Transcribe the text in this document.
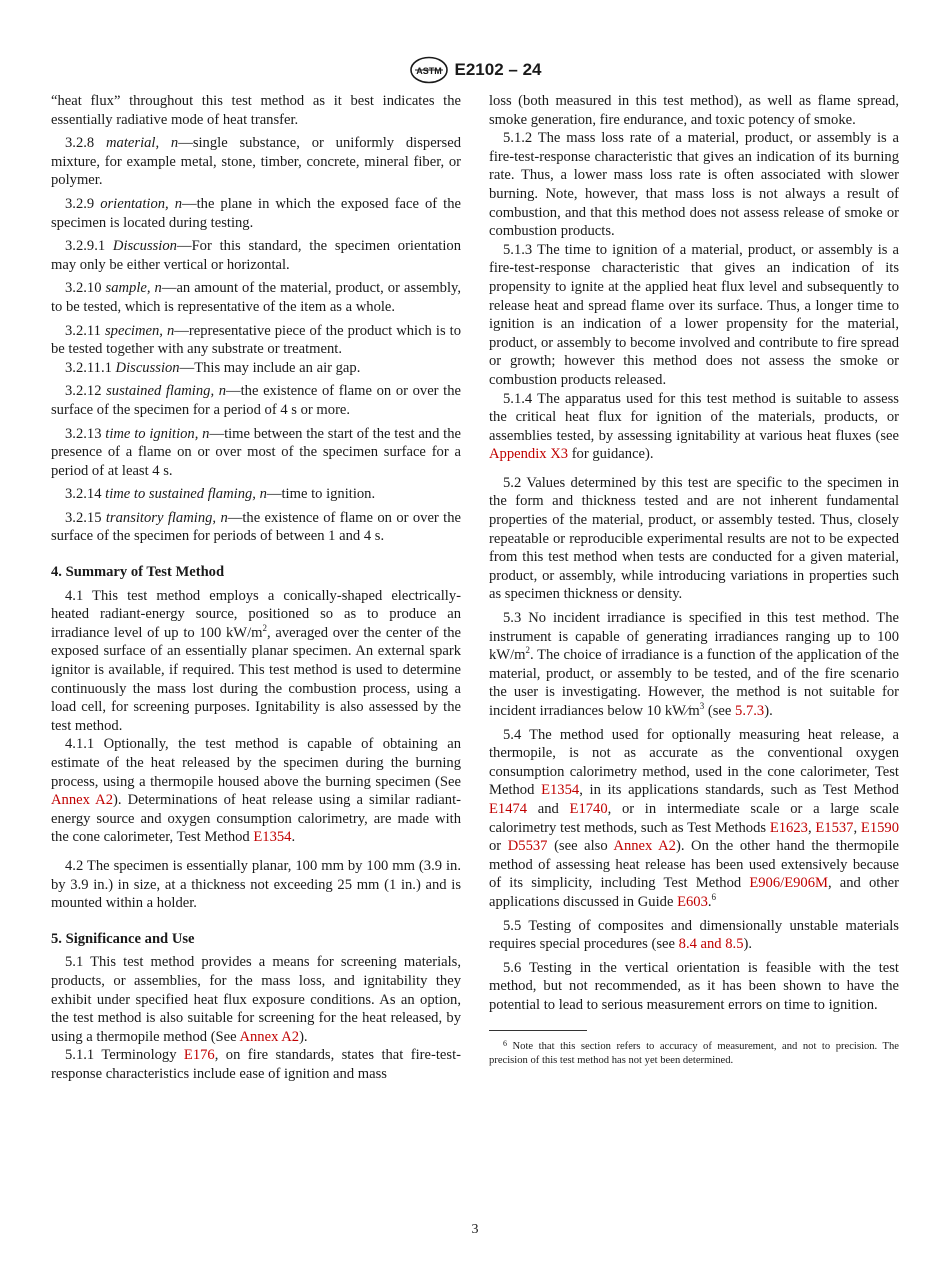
ASTM E2102 – 24

“heat flux” throughout this test method as it best indicates the essentially radiative mode of heat transfer.

3.2.8 material, n—single substance, or uniformly dispersed mixture, for example metal, stone, timber, concrete, mineral fiber, or polymer.

3.2.9 orientation, n—the plane in which the exposed face of the specimen is located during testing.

3.2.9.1 Discussion—For this standard, the specimen orientation may only be either vertical or horizontal.

3.2.10 sample, n—an amount of the material, product, or assembly, to be tested, which is representative of the item as a whole.

3.2.11 specimen, n—representative piece of the product which is to be tested together with any substrate or treatment.

3.2.11.1 Discussion—This may include an air gap.

3.2.12 sustained flaming, n—the existence of flame on or over the surface of the specimen for a period of 4 s or more.

3.2.13 time to ignition, n—time between the start of the test and the presence of a flame on or over most of the specimen surface for a period of at least 4 s.

3.2.14 time to sustained flaming, n—time to ignition.

3.2.15 transitory flaming, n—the existence of flame on or over the surface of the specimen for periods of between 1 and 4 s.

4. Summary of Test Method

4.1 This test method employs a conically-shaped electrically-heated radiant-energy source, positioned so as to produce an irradiance level of up to 100 $kW/m^2$, averaged over the center of the exposed surface of an essentially planar specimen. An external spark ignitor is available, if required. This test method is used to determine continuously the mass lost during the combustion process, using a load cell, for screening purposes. Ignitability is also assessed by the test method.

4.1.1 Optionally, the test method is capable of obtaining an estimate of the heat released by the specimen during the burning process, using a thermopile housed above the burning specimen (See Annex A2). Determinations of heat release using a similar radiant-energy source and oxygen consumption calorimetry, are made with the cone calorimeter, Test Method E1354.

4.2 The specimen is essentially planar, 100 mm by 100 mm (3.9 in. by 3.9 in.) in size, at a thickness not exceeding 25 mm (1 in.) and is mounted within a holder.

5. Significance and Use

5.1 This test method provides a means for screening materials, products, or assemblies, for the mass loss, and ignitability they exhibit under specified heat flux exposure conditions. As an option, the test method is also suitable for screening for the heat released, by using a thermopile method (See Annex A2).

5.1.1 Terminology E176, on fire standards, states that fire-test-response characteristics include ease of ignition and mass

loss (both measured in this test method), as well as flame spread, smoke generation, fire endurance, and toxic potency of smoke.

5.1.2 The mass loss rate of a material, product, or assembly is a fire-test-response characteristic that gives an indication of its burning rate. Thus, a lower mass loss rate is often associated with slower burning. Note, however, that mass loss is not always a result of combustion, and that this method does not assess release of smoke or combustion products.

5.1.3 The time to ignition of a material, product, or assembly is a fire-test-response characteristic that gives an indication of its propensity to ignite at the applied heat flux level and subsequently to release heat and spread flame over its surface. Thus, a longer time to ignition is an indication of a lower propensity for the material, product, or assembly to become involved and contribute to fire spread or growth; however this method does not assess the smoke or combustion products released.

5.1.4 The apparatus used for this test method is suitable to assess the critical heat flux for ignition of the materials, products, or assemblies tested, by assessing ignitability at various heat fluxes (see Appendix X3 for guidance).

5.2 Values determined by this test are specific to the specimen in the form and thickness tested and are not inherent fundamental properties of the material, product, or assembly tested. Thus, closely repeatable or reproducible experimental results are not to be expected from this test method when tests are conducted for a given material, product, or assembly, while introducing variations in properties such as specimen thickness or density.

5.3 No incident irradiance is specified in this test method. The instrument is capable of generating irradiances ranging up to 100 $kW/m^2$. The choice of irradiance is a function of the application of the material, product, or assembly to be tested, and of the fire scenario the user is investigating. However, the method is not suitable for incident irradiances below 10 $kW⁄m^3$ (see 5.7.3).

5.4 The method used for optionally measuring heat release, a thermopile, is not as accurate as the conventional oxygen consumption calorimetry method, used in the cone calorimeter, Test Method E1354, in its applications standards, such as Test Method E1474 and E1740, or in intermediate scale or a large scale calorimetry test methods, such as Test Methods E1623, E1537, E1590 or D5537 (see also Annex A2). On the other hand the thermopile method of assessing heat release has been used extensively because of its simplicity, including Test Method E906/E906M, and other applications discussed in Guide E603.$^6$

5.5 Testing of composites and dimensionally unstable materials requires special procedures (see 8.4 and 8.5).

5.6 Testing in the vertical orientation is feasible with the test method, but not recommended, as it has been shown to have the potential to lead to serious measurement errors on time to ignition.

$^6$ Note that this section refers to accuracy of measurement, and not to precision. The precision of this test method has not yet been determined.

3
